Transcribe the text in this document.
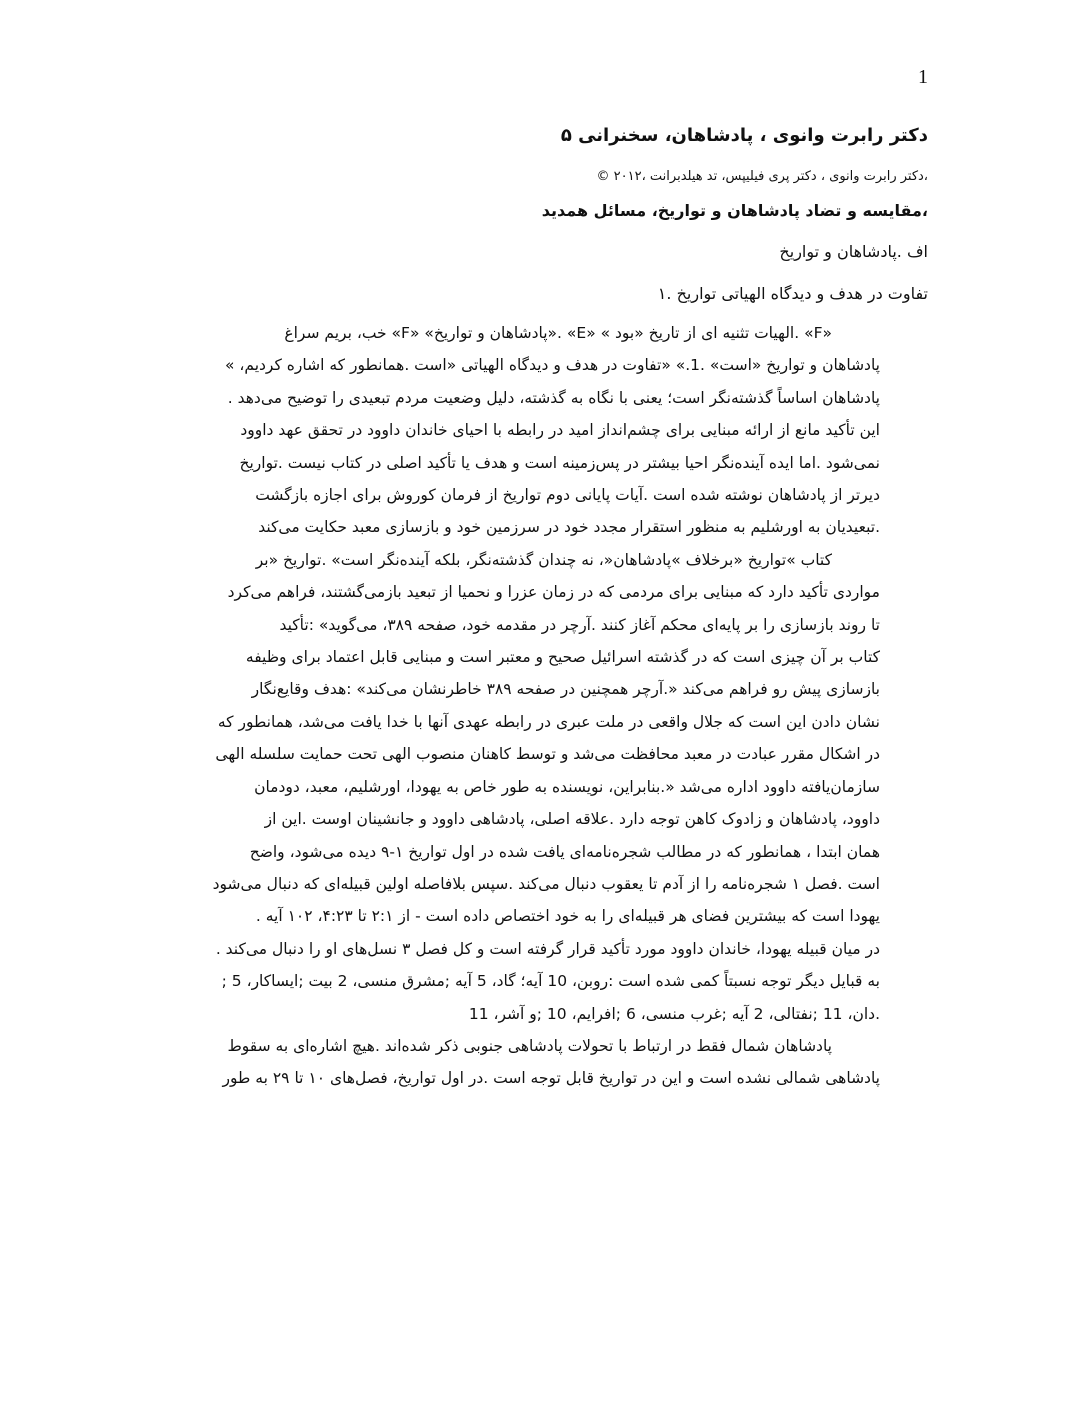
1
دکتر رابرت وانوی ، پادشاهان، سخنرانی ۵
،دکتر رابرت وانوی ، دکتر پری فیلیپس، تد هیلدبرانت ،۲۰۱۲ ©
،مقایسه و تضاد پادشاهان و تواریخ، مسائل همدید
اف .پادشاهان و تواریخ
تفاوت در هدف و دیدگاه الهیاتی تواریخ .۱
«F» .الهیات تثنیه ای از تاریخ «بود » «E» .«پادشاهان و تواریخ» «F» خب، بریم سراغ
پادشاهان و تواریخ «است» .1.» «تفاوت در هدف و دیدگاه الهیاتی «است .همانطور که اشاره کردیم، »
پادشاهان اساساً گذشته‌نگر است؛ یعنی با نگاه به گذشته، دلیل وضعیت مردم تبعیدی را توضیح می‌دهد .
این تأکید مانع از ارائه مبنایی برای چشم‌انداز امید در رابطه با احیای خاندان داوود در تحقق عهد داوود
نمی‌شود .اما ایده آینده‌نگر احیا بیشتر در پس‌زمینه است و هدف یا تأکید اصلی در کتاب نیست .تواریخ
دیرتر از پادشاهان نوشته شده است .آیات پایانی دوم تواریخ از فرمان کوروش برای اجازه بازگشت
.تبعیدیان به اورشلیم به منظور استقرار مجدد خود در سرزمین خود و بازسازی معبد حکایت می‌کند
کتاب »تواریخ «برخلاف »پادشاهان«، نه چندان گذشته‌نگر، بلکه آینده‌نگر است» .تواریخ «بر
مواردی تأکید دارد که مبنایی برای مردمی که در زمان عزرا و نحمیا از تبعید بازمی‌گشتند، فراهم می‌کرد
تا روند بازسازی را بر پایه‌ای محکم آغاز کنند .آرچر در مقدمه خود، صفحه ۳۸۹، می‌گوید» :تأکید
کتاب بر آن چیزی است که در گذشته اسرائیل صحیح و معتبر است و مبنایی قابل اعتماد برای وظیفه
بازسازی پیش رو فراهم می‌کند «.آرچر همچنین در صفحه ۳۸۹ خاطرنشان می‌کند» :هدف وقایع‌نگار
نشان دادن این است که جلال واقعی در ملت عبری در رابطه عهدی آنها با خدا یافت می‌شد، همانطور که
در اشکال مقرر عبادت در معبد محافظت می‌شد و توسط کاهنان منصوب الهی تحت حمایت سلسله الهی
سازمان‌یافته داوود اداره می‌شد «.بنابراین، نویسنده به طور خاص به یهودا، اورشلیم، معبد، دودمان
داوود، پادشاهان و زادوک کاهن توجه دارد .علاقه اصلی، پادشاهی داوود و جانشینان اوست .این از
همان ابتدا ، همانطور که در مطالب شجره‌نامه‌ای یافت شده در اول تواریخ ۱-۹ دیده می‌شود، واضح
است .فصل ۱ شجره‌نامه را از آدم تا یعقوب دنبال می‌کند .سپس بلافاصله اولین قبیله‌ای که دنبال می‌شود
یهودا است که بیشترین فضای هر قبیله‌ای را به خود اختصاص داده است - از ۲:۱ تا ۴:۲۳، ۱۰۲ آیه .
در میان قبیله یهودا، خاندان داوود مورد تأکید قرار گرفته است و کل فصل ۳ نسل‌های او را دنبال می‌کند .
به قبایل دیگر توجه نسبتاً کمی شده است :روبن، 10 آیه؛ گاد، 5 آیه ;مشرق منسی، 2 بیت ;ایساکار، 5 ;
.دان، 11 ;نفتالی، 2 آیه ;غرب منسی، 6 ;افرایم، 10 ;و آشر، 11
پادشاهان شمال فقط در ارتباط با تحولات پادشاهی جنوبی ذکر شده‌اند .هیچ اشاره‌ای به سقوط
پادشاهی شمالی نشده است و این در تواریخ قابل توجه است .در اول تواریخ، فصل‌های ۱۰ تا ۲۹ به طور
